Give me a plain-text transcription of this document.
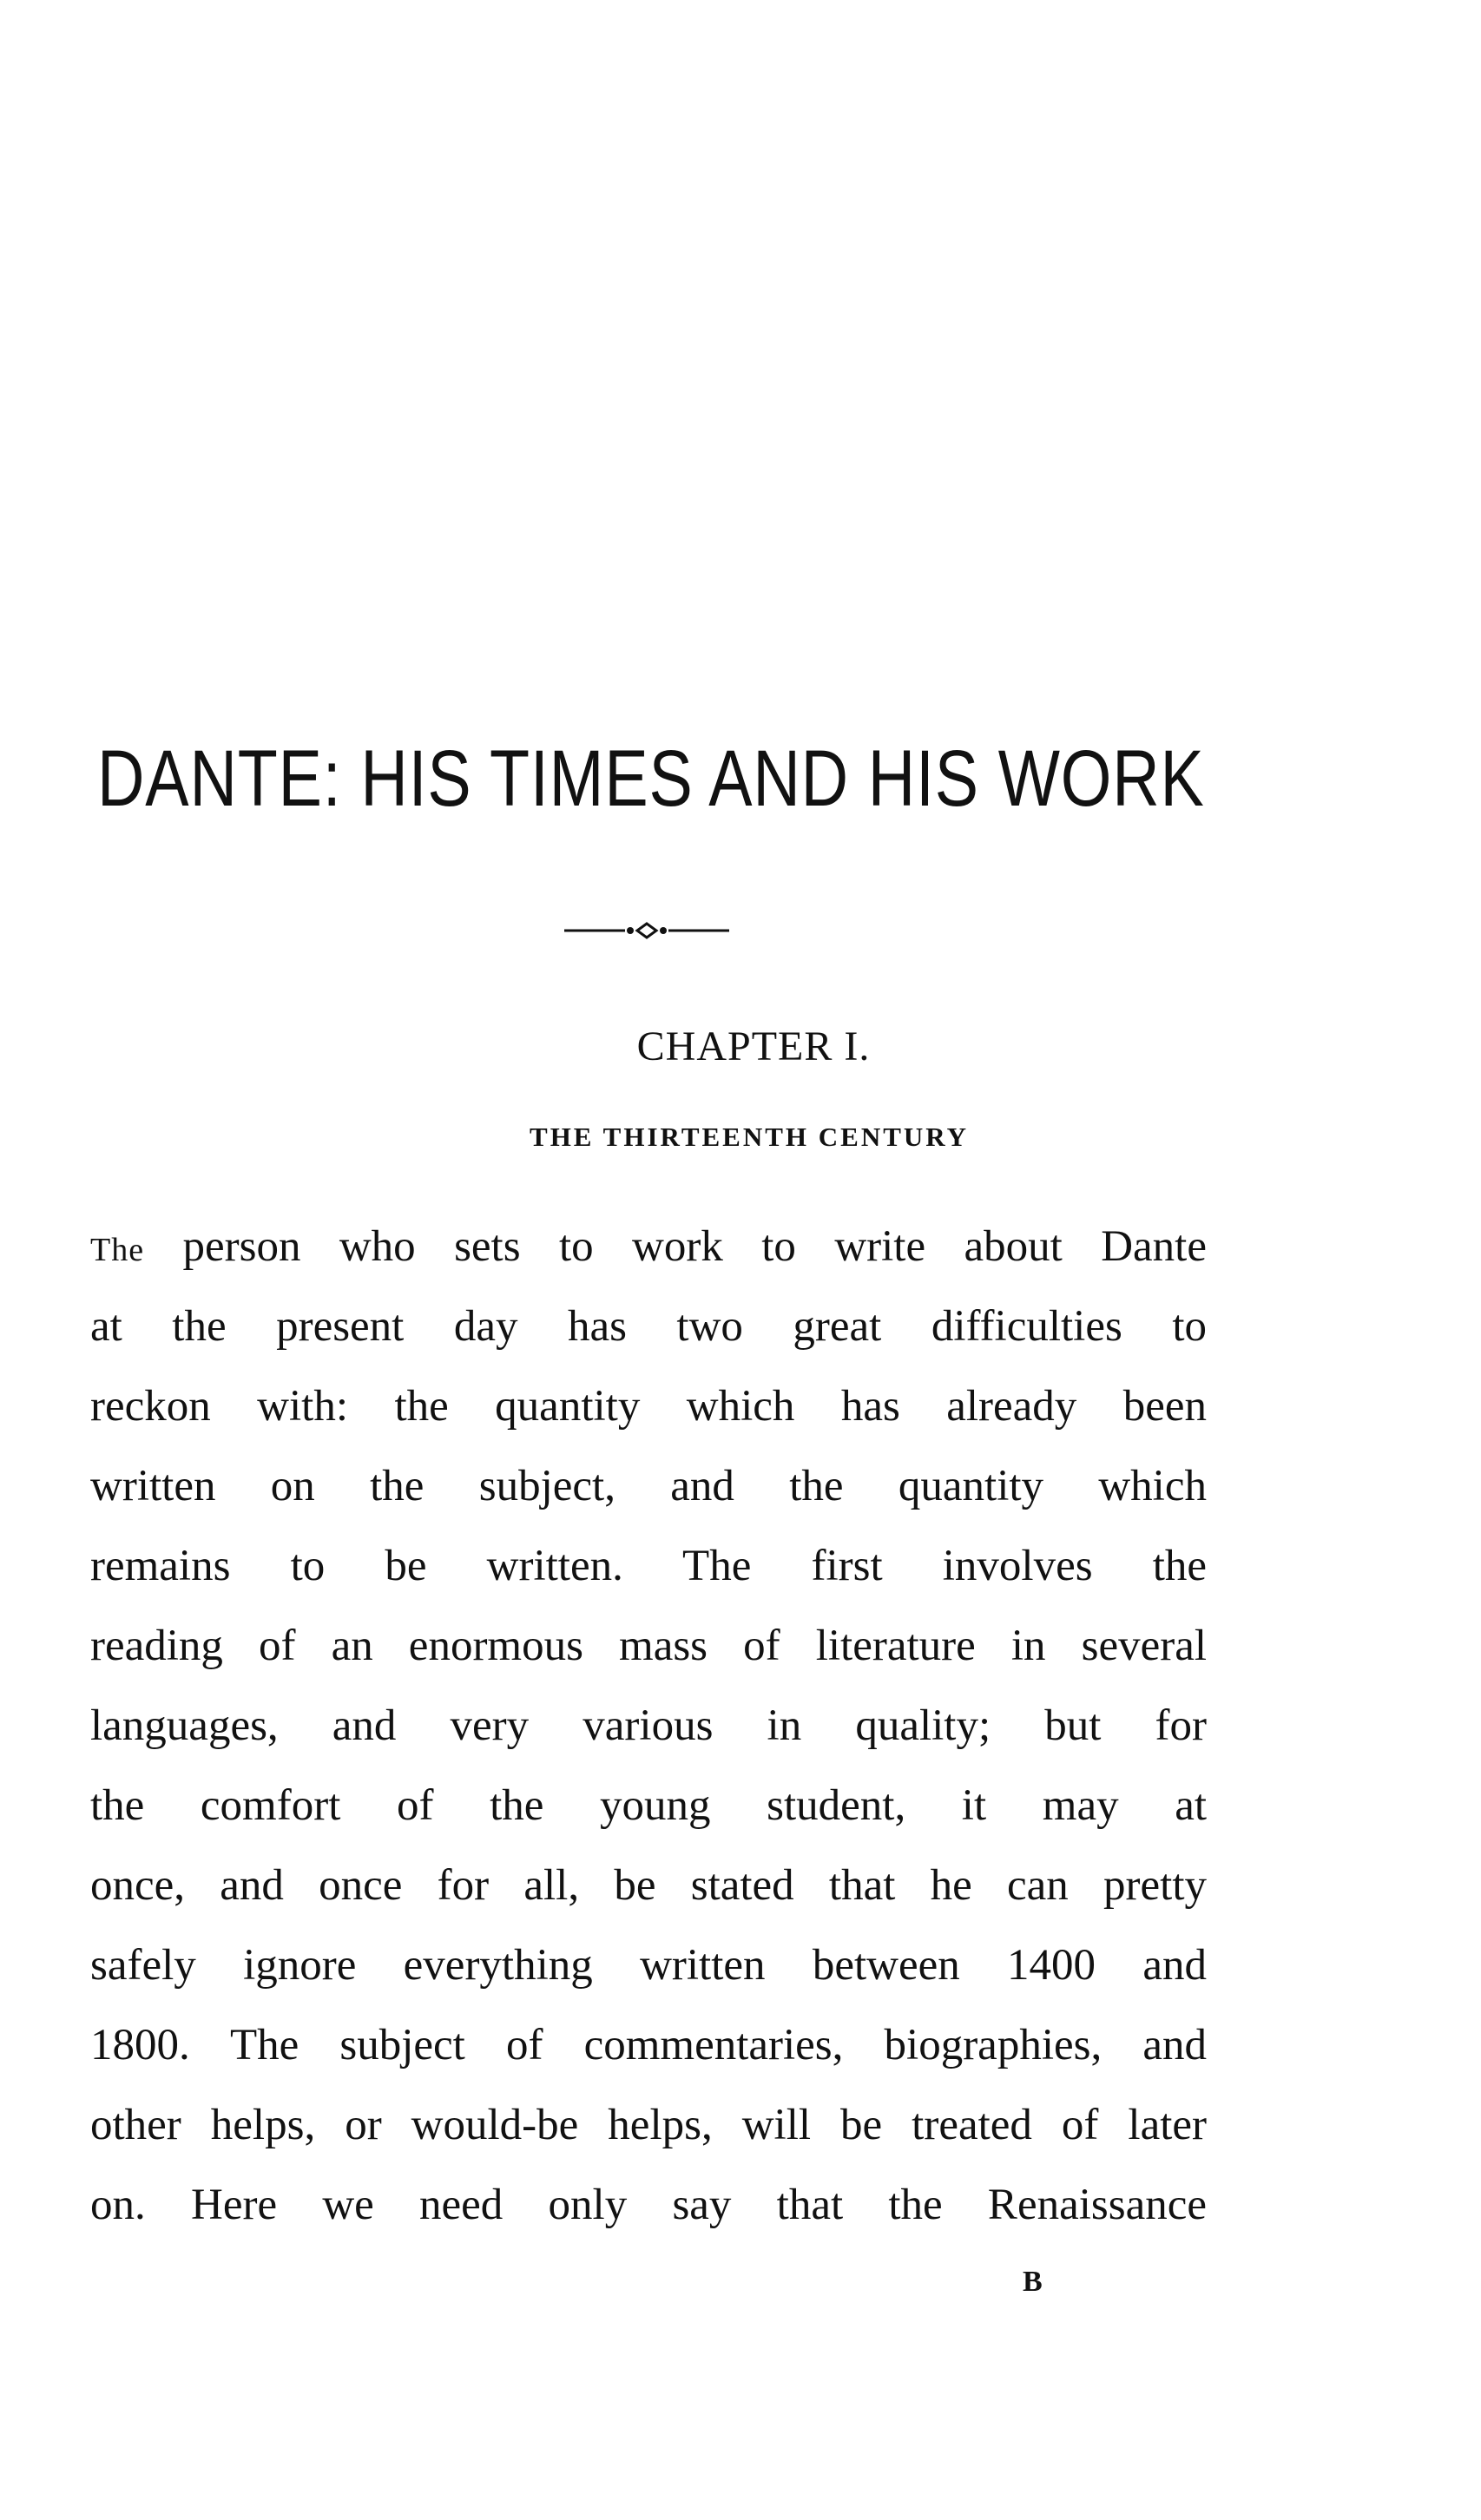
DANTE: HIS TIMES AND HIS WORK
CHAPTER I.
THE THIRTEENTH CENTURY
The person who sets to work to write about Dante
at the present day has two great difficulties to
reckon with: the quantity which has already been
written on the subject, and the quantity which
remains to be written. The first involves the
reading of an enormous mass of literature in several
languages, and very various in quality; but for
the comfort of the young student, it may at
once, and once for all, be stated that he can pretty
safely ignore everything written between 1400 and
1800. The subject of commentaries, biographies, and
other helps, or would-be helps, will be treated of later
on. Here we need only say that the Renaissance
B
